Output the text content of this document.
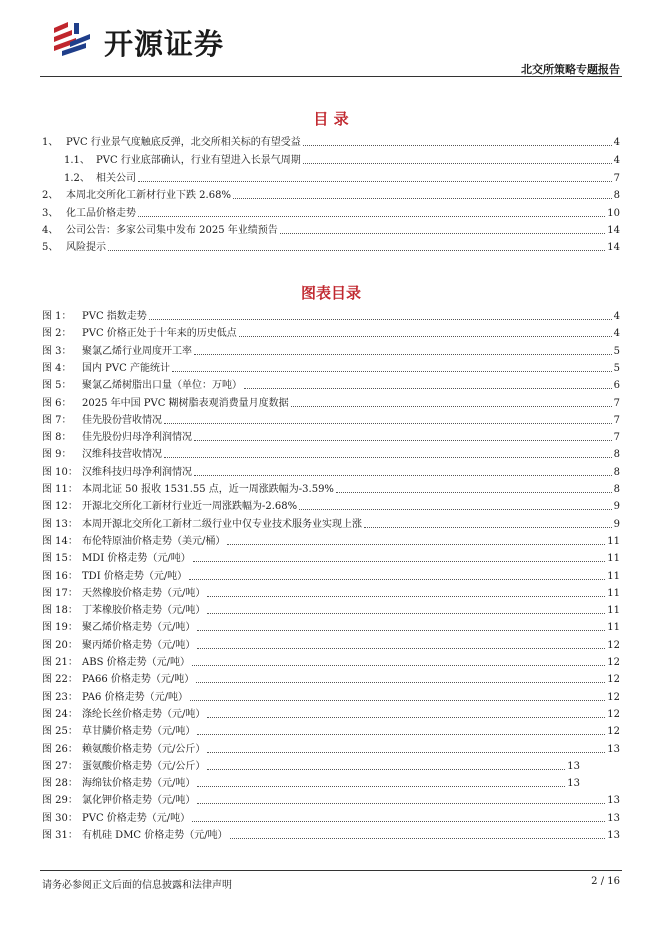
开源证券
北交所策略专题报告
目 录
1、 PVC 行业景气度触底反弹，北交所相关标的有望受益	4
1.1、 PVC 行业底部确认，行业有望进入长景气周期	4
1.2、 相关公司	7
2、 本周北交所化工新材行业下跌 2.68%	8
3、 化工品价格走势	10
4、 公司公告：多家公司集中发布 2025 年业绩预告	14
5、 风险提示	14
图表目录
图 1：	PVC 指数走势	4
图 2：	PVC 价格正处于十年来的历史低点	4
图 3：	聚氯乙烯行业周度开工率	5
图 4：	国内 PVC 产能统计	5
图 5：	聚氯乙烯树脂出口量（单位：万吨）	6
图 6：	2025 年中国 PVC 糊树脂表观消费量月度数据	7
图 7：	佳先股份营收情况	7
图 8：	佳先股份归母净利润情况	7
图 9：	汉维科技营收情况	8
图 10： 汉维科技归母净利润情况	8
图 11： 本周北证 50 报收 1531.55 点，近一周涨跌幅为-3.59%	8
图 12： 开源北交所化工新材行业近一周涨跌幅为-2.68%	9
图 13： 本周开源北交所化工新材二级行业中仅专业技术服务业实现上涨	9
图 14： 布伦特原油价格走势（美元/桶）	11
图 15： MDI 价格走势（元/吨）	11
图 16： TDI 价格走势（元/吨）	11
图 17： 天然橡胶价格走势（元/吨）	11
图 18： 丁苯橡胶价格走势（元/吨）	11
图 19： 聚乙烯价格走势（元/吨）	11
图 20： 聚丙烯价格走势（元/吨）	12
图 21： ABS 价格走势（元/吨）	12
图 22： PA66 价格走势（元/吨）	12
图 23： PA6 价格走势（元/吨）	12
图 24： 涤纶长丝价格走势（元/吨）	12
图 25： 草甘膦价格走势（元/吨）	12
图 26： 赖氨酸价格走势（元/公斤）	13
图 27： 蛋氨酸价格走势（元/公斤）	13
图 28： 海绵钛价格走势（元/吨）	13
图 29： 氯化钾价格走势（元/吨）	13
图 30： PVC 价格走势（元/吨）	13
图 31： 有机硅 DMC 价格走势（元/吨）	13
请务必参阅正文后面的信息披露和法律声明	2 / 16
